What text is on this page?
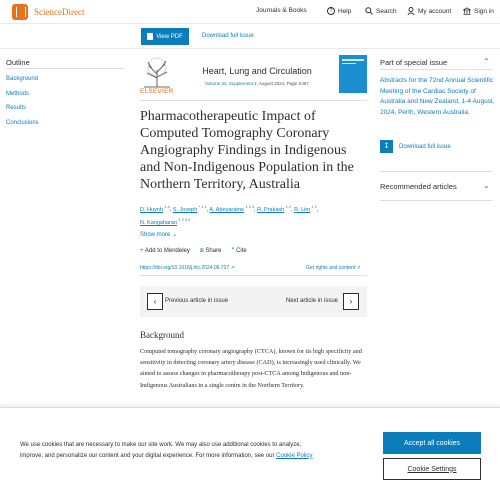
ScienceDirect	Journals & Books	? Help	Search	My account	Sign in
View PDF	Download full issue
Outline
Background
Methods
Results
Conclusions
ELSEVIER
Heart, Lung and Circulation
Volume 33, Supplement 4, August 2024, Page S467
Pharmacotherapeutic Impact of Computed Tomography Coronary Angiography Findings in Indigenous and Non-Indigenous Population in the Northern Territory, Australia
D. Huynh $^{1 4}$, S. Joseph $^{* 1 4}$, A. Abeyaratne $^{1 3 4}$, R. Prakash $^{1 2}$, R. Lim $^{1 2}$,
N. Kangaharan $^{1 2 3 4}$
Show more ⌄
+ Add to Mendeley ⧈ Share ” Cite
https://doi.org/10.1016/j.hlc.2024.06.737 ↗	Get rights and content ↗
‹	Previous article in issue	Next article in issue	›
Background

Computed tomography coronary angiography (CTCA), known for its high specificity and sensitivity in detecting coronary artery disease (CAD), is increasingly used clinically. We aimed to assess changes in pharmacotherapy post-CTCA among Indigenous and non-Indigenous Australians in a single centre in the Northern Territory.

Part of special issue	⌃
Abstracts for the 72nd Annual Scientific Meeting of the Cardiac Society of Australia and New Zealand, 1-4 August, 2024, Perth, Western Australia.
↧	Download full issue
Recommended articles	⌄

We use cookies that are necessary to make our site work. We may also use additional cookies to analyze, improve, and personalize our content and your digital experience. For more information, see our Cookie Policy

Accept all cookies
Cookie Settings
